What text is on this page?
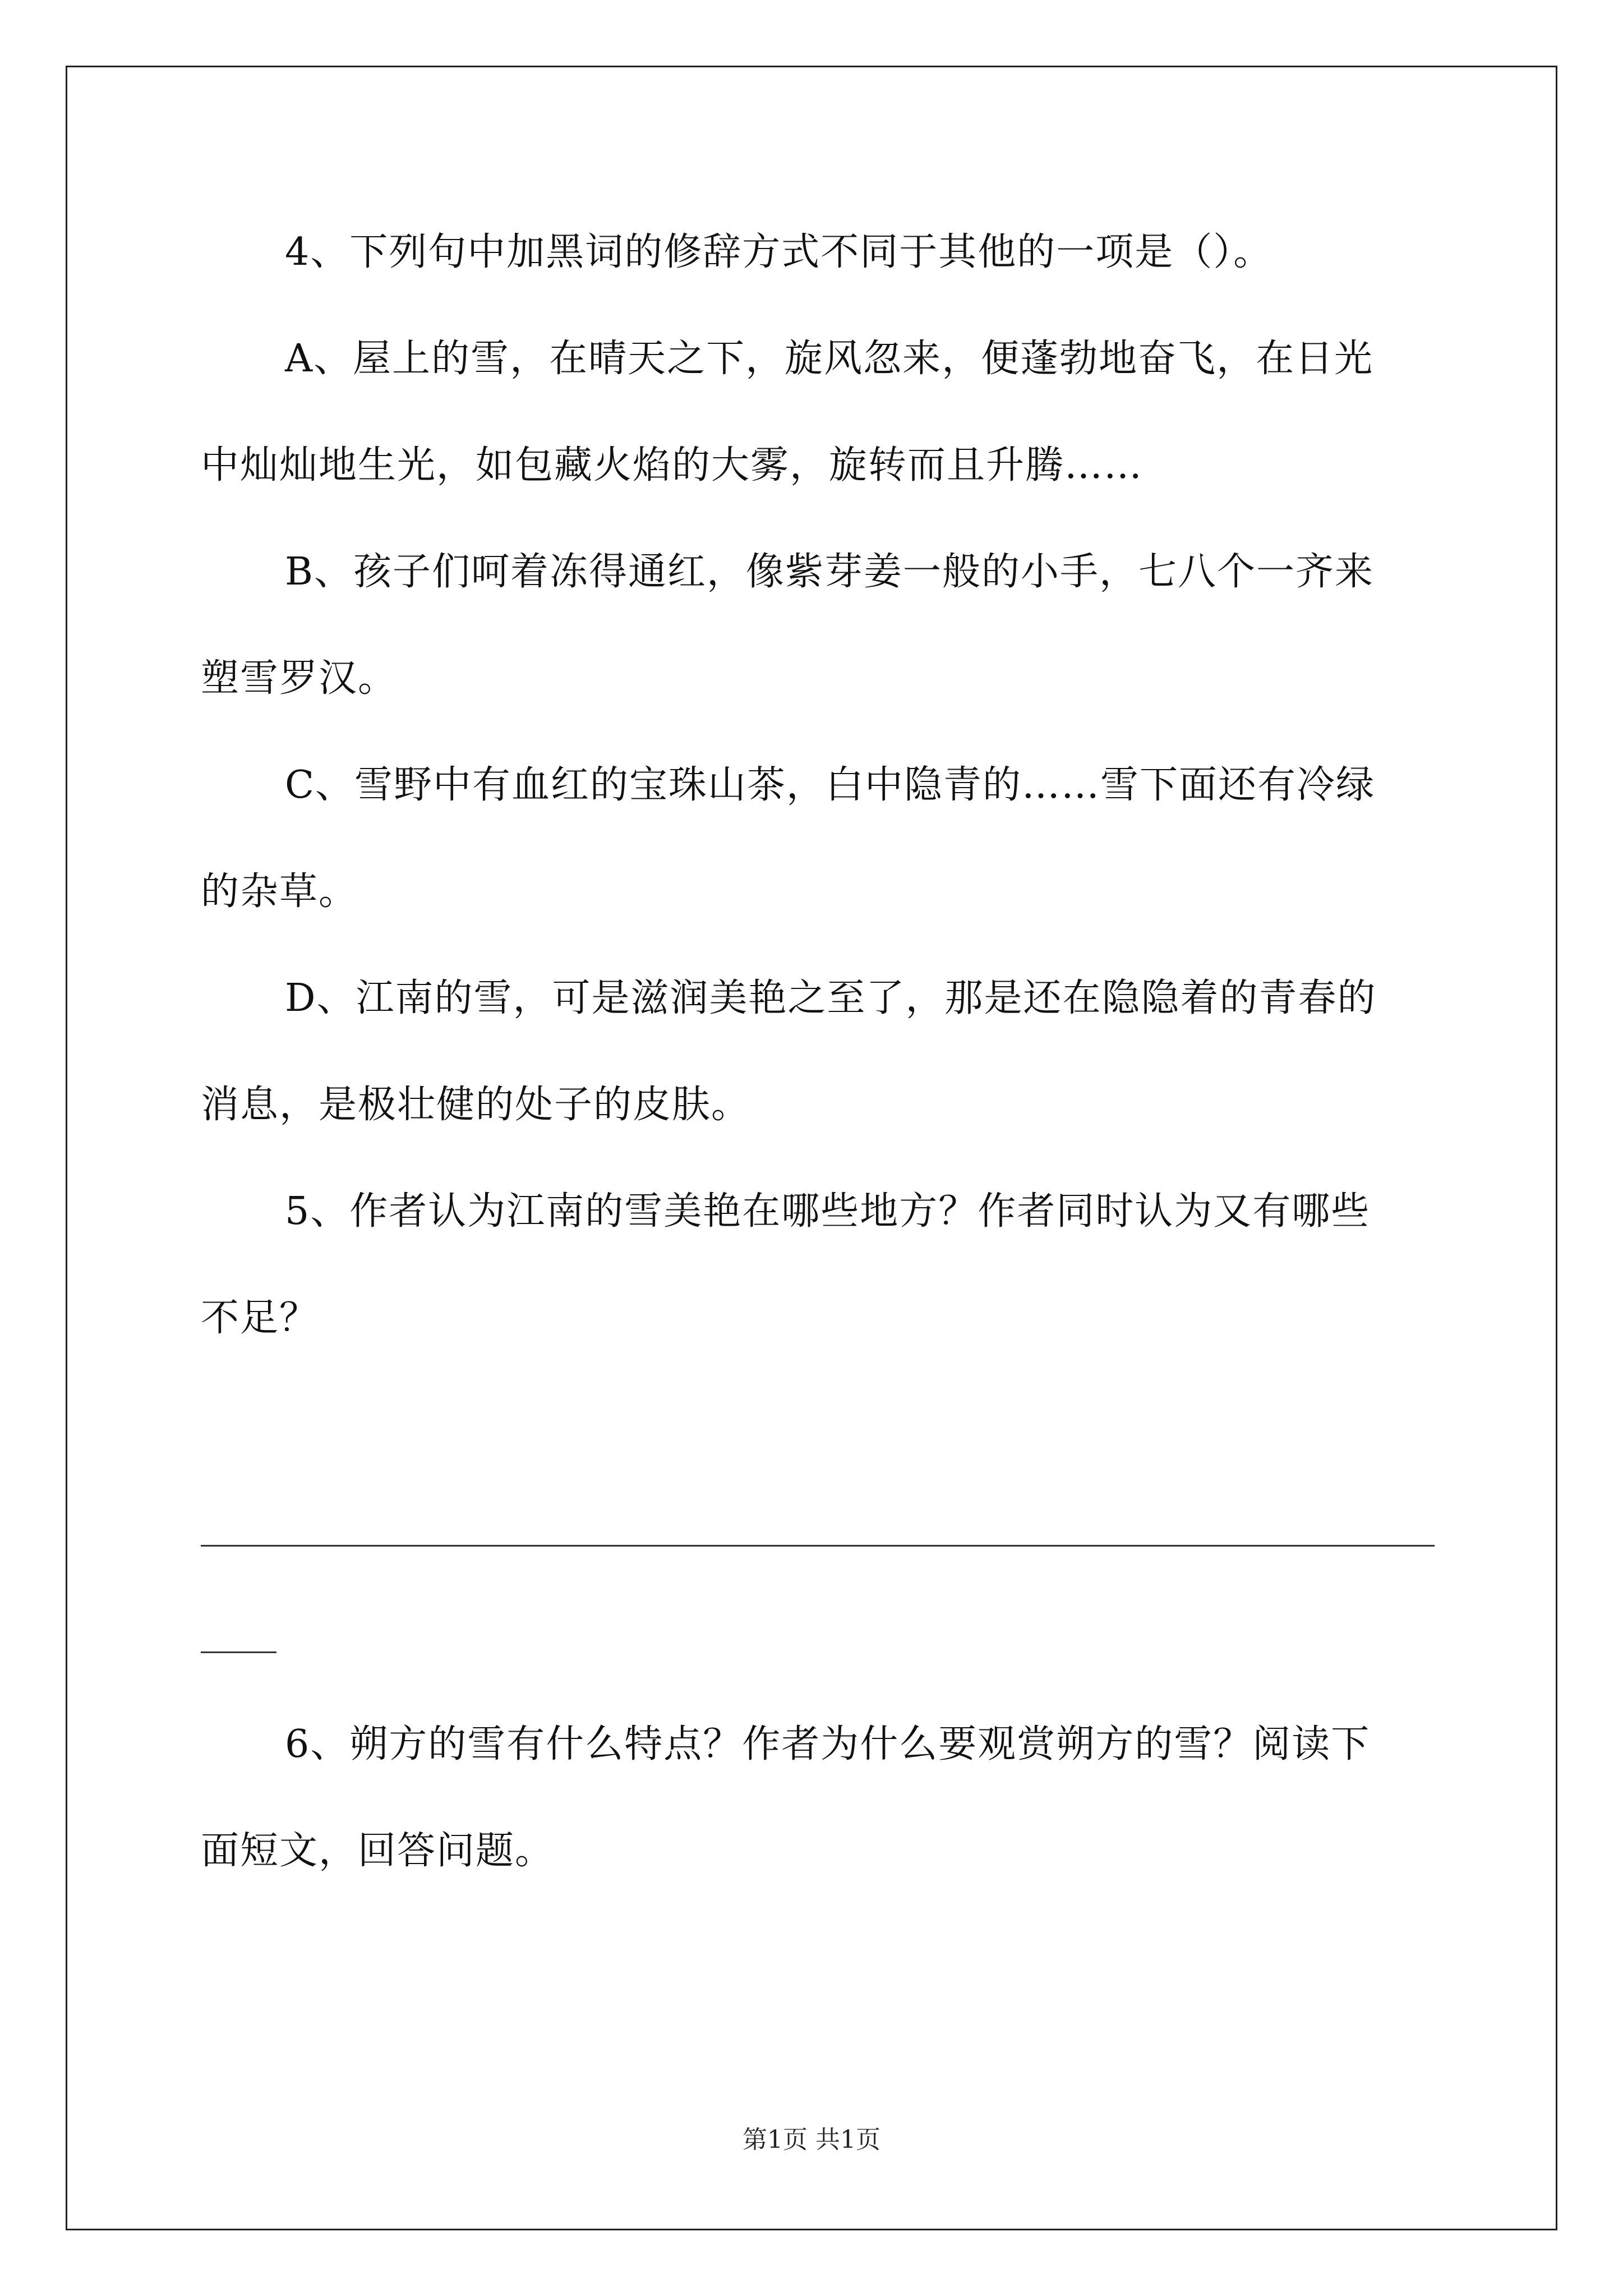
4、下列句中加黑词的修辞方式不同于其他的一项是（）。
A、屋上的雪，在晴天之下，旋风忽来，便蓬勃地奋飞，在日光
中灿灿地生光，如包藏火焰的大雾，旋转而且升腾……
B、孩子们呵着冻得通红，像紫芽姜一般的小手，七八个一齐来
塑雪罗汉。
C、雪野中有血红的宝珠山茶，白中隐青的……雪下面还有冷绿
的杂草。
D、江南的雪，可是滋润美艳之至了，那是还在隐隐着的青春的
消息，是极壮健的处子的皮肤。
5、作者认为江南的雪美艳在哪些地方？作者同时认为又有哪些
不足？
6、朔方的雪有什么特点？作者为什么要观赏朔方的雪？阅读下
面短文，回答问题。
第1页 共1页
